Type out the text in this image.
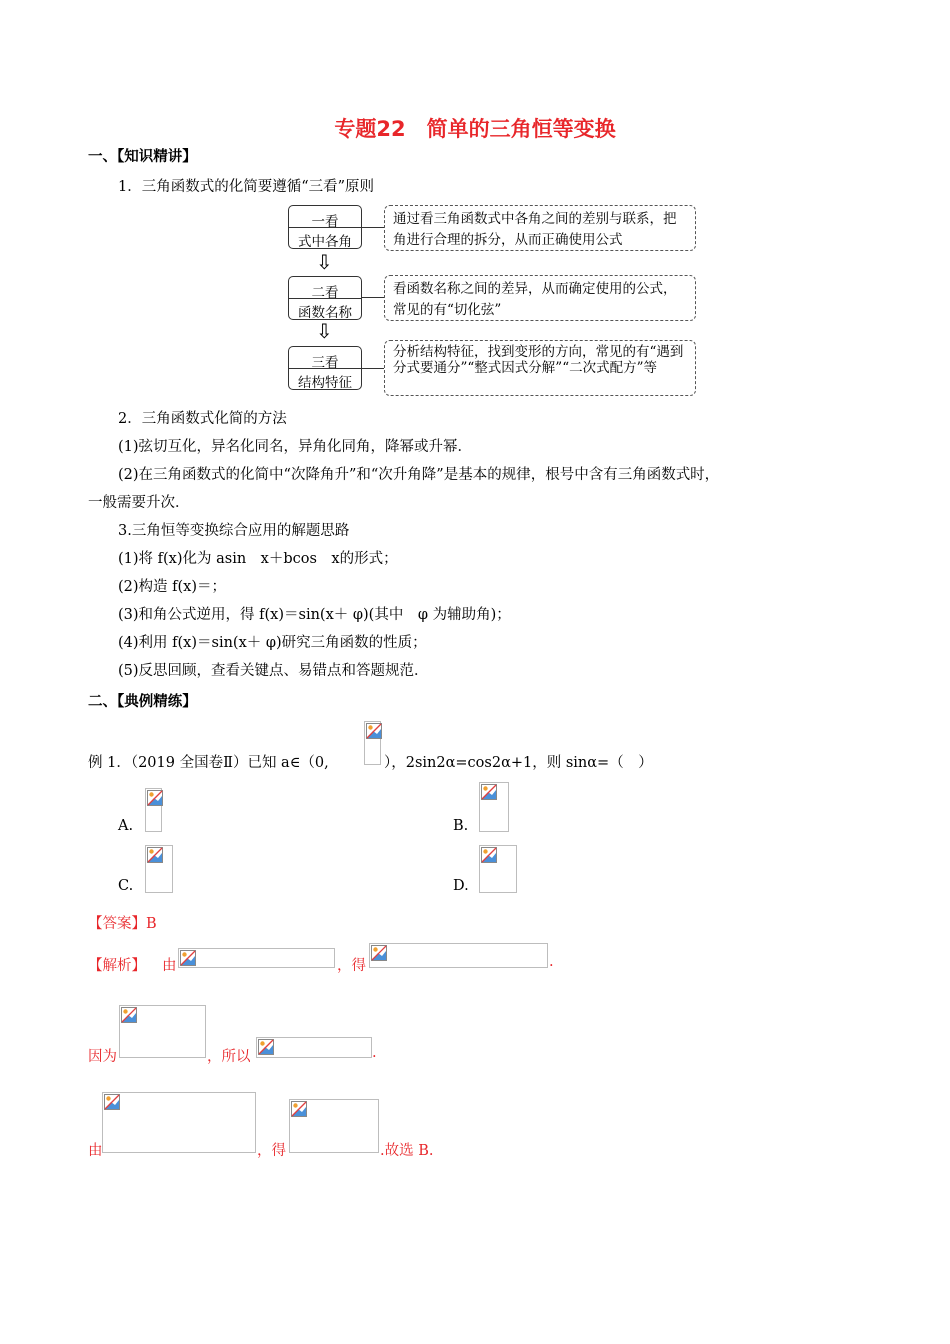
专题22　简单的三角恒等变换
一、【知识精讲】
1．三角函数式的化简要遵循“三看”原则
一看
式中各角
通过看三角函数式中各角之间的差别与联系，把角进行合理的拆分，从而正确使用公式
⇩
二看
函数名称
看函数名称之间的差异，从而确定使用的公式，常见的有“切化弦”
⇩
三看
结构特征
分析结构特征，找到变形的方向，常见的有“遇到分式要通分”“整式因式分解”“二次式配方”等
2．三角函数式化简的方法
(1)弦切互化，异名化同名，异角化同角，降幂或升幂．
(2)在三角函数式的化简中“次降角升”和“次升角降”是基本的规律，根号中含有三角函数式时，
一般需要升次．
3.三角恒等变换综合应用的解题思路
(1)将 f(x)化为 asin　x＋bcos　x的形式；
(2)构造 f(x)＝；
(3)和角公式逆用，得 f(x)＝sin(x＋ φ)(其中　φ 为辅助角)；
(4)利用 f(x)＝sin(x＋ φ)研究三角函数的性质；
(5)反思回顾，查看关键点、易错点和答题规范．
二、【典例精练】
例 1．（2019 全国卷Ⅱ）已知 a∈（0,	），2sin2α=cos2α+1，则 sinα=（　）
A.	B.
C.	D.
【答案】B
【解析】 由	，得	.
因为	，所以	.
由	，得	.故选 B.
